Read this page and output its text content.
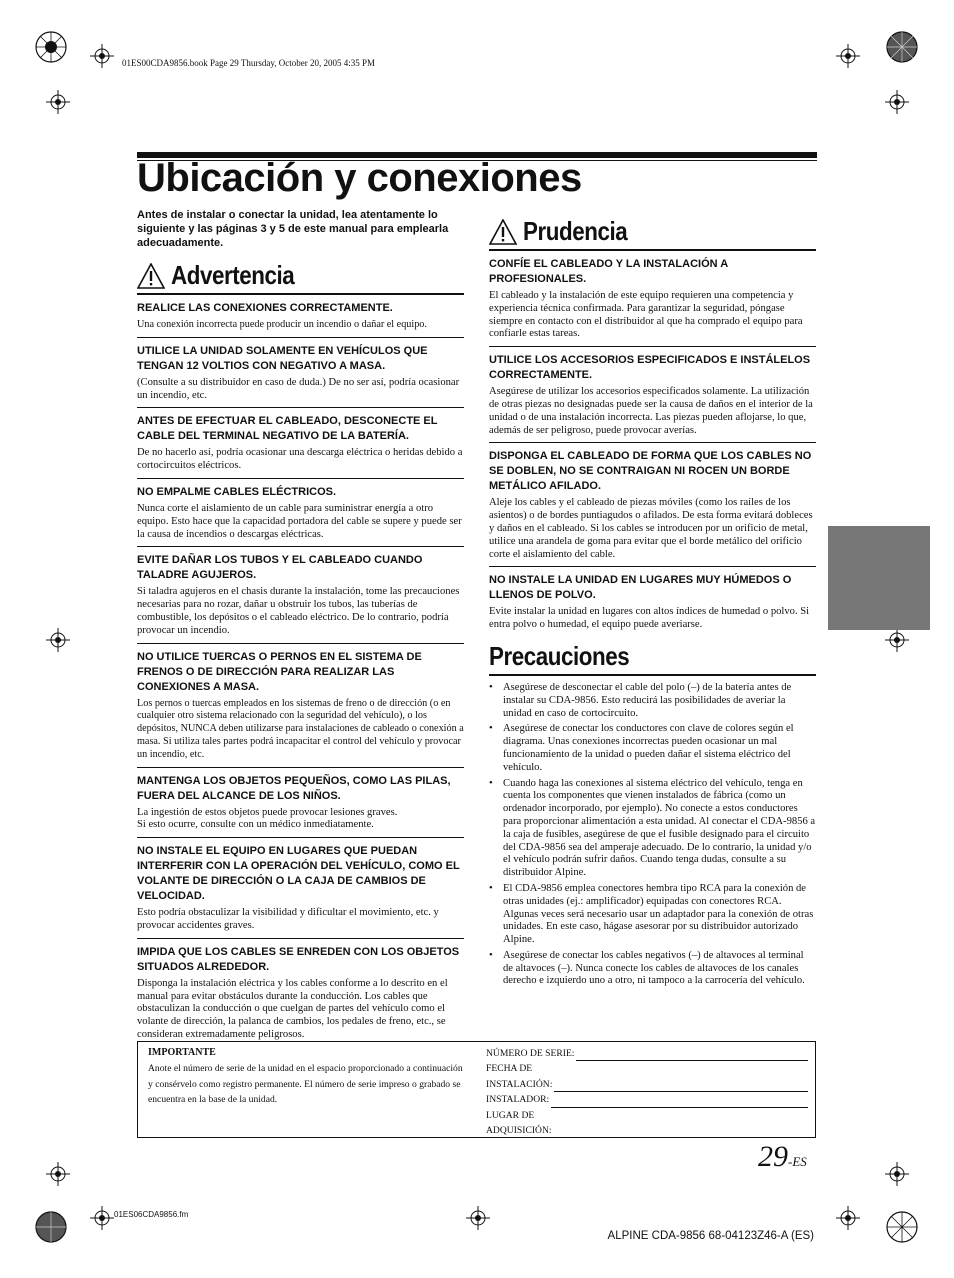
01ES00CDA9856.book Page 29 Thursday, October 20, 2005 4:35 PM
Ubicación y conexiones

Antes de instalar o conectar la unidad, lea atentamente lo siguiente y las páginas 3 y 5 de este manual para emplearla adecuadamente.

Advertencia

REALICE LAS CONEXIONES CORRECTAMENTE.

Una conexión incorrecta puede producir un incendio o dañar el equipo.

UTILICE LA UNIDAD SOLAMENTE EN VEHÍCULOS QUE TENGAN 12 VOLTIOS CON NEGATIVO A MASA.

(Consulte a su distribuidor en caso de duda.) De no ser así, podría ocasionar un incendio, etc.

ANTES DE EFECTUAR EL CABLEADO, DESCONECTE EL CABLE DEL TERMINAL NEGATIVO DE LA BATERÍA.

De no hacerlo así, podría ocasionar una descarga eléctrica o heridas debido a cortocircuitos eléctricos.

NO EMPALME CABLES ELÉCTRICOS.

Nunca corte el aislamiento de un cable para suministrar energía a otro equipo. Esto hace que la capacidad portadora del cable se supere y puede ser la causa de incendios o descargas eléctricas.

EVITE DAÑAR LOS TUBOS Y EL CABLEADO CUANDO TALADRE AGUJEROS.

Si taladra agujeros en el chasis durante la instalación, tome las precauciones necesarias para no rozar, dañar u obstruir los tubos, las tuberías de combustible, los depósitos o el cableado eléctrico. De lo contrario, podría provocar un incendio.

NO UTILICE TUERCAS O PERNOS EN EL SISTEMA DE FRENOS O DE DIRECCIÓN PARA REALIZAR LAS CONEXIONES A MASA.

Los pernos o tuercas empleados en los sistemas de freno o de dirección (o en cualquier otro sistema relacionado con la seguridad del vehículo), o los depósitos, NUNCA deben utilizarse para instalaciones de cableado o conexión a masa. Si utiliza tales partes podrá incapacitar el control del vehículo y provocar un incendio, etc.

MANTENGA LOS OBJETOS PEQUEÑOS, COMO LAS PILAS, FUERA DEL ALCANCE DE LOS NIÑOS.

La ingestión de estos objetos puede provocar lesiones graves.

Si esto ocurre, consulte con un médico inmediatamente.

NO INSTALE EL EQUIPO EN LUGARES QUE PUEDAN INTERFERIR CON LA OPERACIÓN DEL VEHÍCULO, COMO EL VOLANTE DE DIRECCIÓN O LA CAJA DE CAMBIOS DE VELOCIDAD.

Esto podría obstaculizar la visibilidad y dificultar el movimiento, etc. y provocar accidentes graves.

IMPIDA QUE LOS CABLES SE ENREDEN CON LOS OBJETOS SITUADOS ALREDEDOR.

Disponga la instalación eléctrica y los cables conforme a lo descrito en el manual para evitar obstáculos durante la conducción. Los cables que obstaculizan la conducción o que cuelgan de partes del vehículo como el volante de dirección, la palanca de cambios, los pedales de freno, etc., se consideran extremadamente peligrosos.

Prudencia

CONFÍE EL CABLEADO Y LA INSTALACIÓN A PROFESIONALES.

El cableado y la instalación de este equipo requieren una competencia y experiencia técnica confirmada. Para garantizar la seguridad, póngase siempre en contacto con el distribuidor al que ha comprado el equipo para confiarle estas tareas.

UTILICE LOS ACCESORIOS ESPECIFICADOS E INSTÁLELOS CORRECTAMENTE.

Asegúrese de utilizar los accesorios especificados solamente. La utilización de otras piezas no designadas puede ser la causa de daños en el interior de la unidad o de una instalación incorrecta. Las piezas pueden aflojarse, lo que, además de ser peligroso, puede provocar averías.

DISPONGA EL CABLEADO DE FORMA QUE LOS CABLES NO SE DOBLEN, NO SE CONTRAIGAN NI ROCEN UN BORDE METÁLICO AFILADO.

Aleje los cables y el cableado de piezas móviles (como los raíles de los asientos) o de bordes puntiagudos o afilados. De esta forma evitará dobleces y daños en el cableado. Si los cables se introducen por un orificio de metal, utilice una arandela de goma para evitar que el borde metálico del orificio corte el aislamiento del cable.

NO INSTALE LA UNIDAD EN LUGARES MUY HÚMEDOS O LLENOS DE POLVO.

Evite instalar la unidad en lugares con altos índices de humedad o polvo. Si entra polvo o humedad, el equipo puede averiarse.

Precauciones
• Asegúrese de desconectar el cable del polo (–) de la batería antes de instalar su CDA-9856. Esto reducirá las posibilidades de averiar la unidad en caso de cortocircuito.
• Asegúrese de conectar los conductores con clave de colores según el diagrama. Unas conexiones incorrectas pueden ocasionar un mal funcionamiento de la unidad o pueden dañar el sistema eléctrico del vehículo.
• Cuando haga las conexiones al sistema eléctrico del vehículo, tenga en cuenta los componentes que vienen instalados de fábrica (como un ordenador incorporado, por ejemplo). No conecte a estos conductores para proporcionar alimentación a esta unidad. Al conectar el CDA-9856 a la caja de fusibles, asegúrese de que el fusible designado para el circuito del CDA-9856 sea del amperaje adecuado. De lo contrario, la unidad y/o el vehículo podrán sufrir daños. Cuando tenga dudas, consulte a su distribuidor Alpine.
• El CDA-9856 emplea conectores hembra tipo RCA para la conexión de otras unidades (ej.: amplificador) equipadas con conectores RCA. Algunas veces será necesario usar un adaptador para la conexión de otras unidades. En este caso, hágase asesorar por su distribuidor autorizado Alpine.
• Asegúrese de conectar los cables negativos (–) de altavoces al terminal de altavoces (–). Nunca conecte los cables de altavoces de los canales derecho e izquierdo uno a otro, ni tampoco a la carrocería del vehículo.

IMPORTANTE

Anote el número de serie de la unidad en el espacio proporcionado a continuación y consérvelo como registro permanente. El número de serie impreso o grabado se encuentra en la base de la unidad.

NÚMERO DE SERIE:
FECHA DE
INSTALACIÓN:
INSTALADOR:
LUGAR DE
ADQUISICIÓN:
29-ES
01ES06CDA9856.fm
ALPINE CDA-9856 68-04123Z46-A (ES)
